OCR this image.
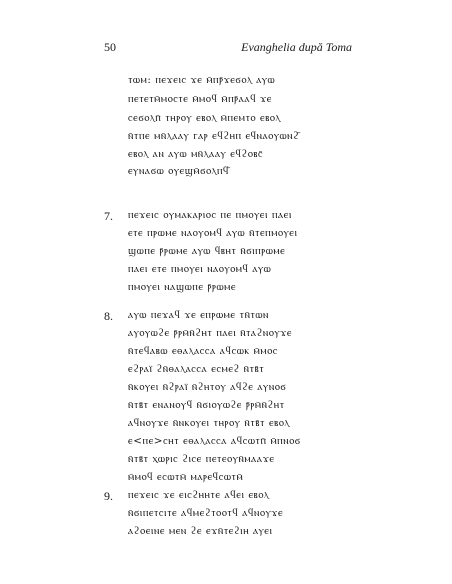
50	Evanghelia după Toma
ⲧⲱⲙ: ⲡⲉϫⲉⲓⲥ ϫⲉ ⲙ̄ⲡⲣ̄ϫⲉϭⲟⲗ ⲁⲩⲱ
ⲡⲉⲧⲉⲧⲙ̄ⲙⲟⲥⲧⲉ ⲙ̄ⲙⲟϥ ⲙ̄ⲡⲣ̄ⲁⲁϥ ϫⲉ
ⲥⲉϭⲟⲗⲡ̄ ⲧⲏⲣⲟⲩ ⲉⲃⲟⲗ ⲙ̄ⲡⲉⲙⲧⲟ ⲉⲃⲟⲗ
ⲛ̄ⲧⲡⲉ ⲙⲛ̄ⲗⲁⲁⲩ ⲅⲁⲣ ⲉϥϩⲏⲡ ⲉϥⲛⲁⲟⲩⲱⲛϩ̄
ⲉⲃⲟⲗ ⲁⲛ ⲁⲩⲱ ⲙⲛ̄ⲗⲁⲁⲩ ⲉϥϩⲟⲃⲥ̄
ⲉⲩⲛⲁϭⲱ ⲟⲩⲉϣⲙ̄ϭⲟⲗⲡϥ̄
7. ⲡⲉϫⲉⲓⲥ ⲟⲩⲙⲁⲕⲁⲣⲓⲟⲥ ⲡⲉ ⲡⲙⲟⲩⲉⲓ ⲡⲁⲉⲓ
ⲉⲧⲉ ⲡⲣⲱⲙⲉ ⲛⲁⲟⲩⲟⲙϥ ⲁⲩⲱ ⲛ̄ⲧⲉⲡⲙⲟⲩⲉⲓ
ϣⲱⲡⲉ ⲣ̄ⲣⲱⲙⲉ ⲁⲩⲱ ϥⲃⲏⲧ ⲛ̄ϭⲓⲡⲣⲱⲙⲉ
ⲡⲁⲉⲓ ⲉⲧⲉ ⲡⲙⲟⲩⲉⲓ ⲛⲁⲟⲩⲟⲙϥ ⲁⲩⲱ
ⲡⲙⲟⲩⲉⲓ ⲛⲁϣⲱⲡⲉ ⲣ̄ⲣⲱⲙⲉ
8. ⲁⲩⲱ ⲡⲉϫⲁϥ ϫⲉ ⲉⲡⲣⲱⲙⲉ ⲧⲛ̄ⲧⲱⲛ
ⲁⲩⲟⲩⲱϩⲉ ⲣ̄ⲣⲙ̄ⲛ̄ϩⲏⲧ ⲡⲁⲉⲓ ⲛ̄ⲧⲁϩⲛⲟⲩϫⲉ
ⲛ̄ⲧⲉϥⲁⲃⲱ ⲉⲑⲁⲗⲁⲥⲥⲁ ⲁϥⲥⲱⲕ ⲙ̄ⲙⲟⲥ
ⲉϩⲣⲁⲓ̈ ϩⲛ̄ⲑⲁⲗⲁⲥⲥⲁ ⲉⲥⲙⲉϩ ⲛ̄ⲧⲃ̄ⲧ
ⲛ̄ⲕⲟⲩⲉⲓ ⲛ̄ϩⲣⲁⲓ̈ ⲛ̄ϩⲏⲧⲟⲩ ⲁϥϩⲉ ⲁⲩⲛⲟϭ
ⲛ̄ⲧⲃ̄ⲧ ⲉⲛⲁⲛⲟⲩϥ ⲛ̄ϭⲓⲟⲩⲱϩⲉ ⲣ̄ⲣⲙ̄ⲛ̄ϩⲏⲧ
ⲁϥⲛⲟⲩϫⲉ ⲛ̄ⲛⲕⲟⲩⲉⲓ ⲧⲏⲣⲟⲩ ⲛ̄ⲧⲃ̄ⲧ ⲉⲃⲟⲗ
ⲉ<ⲡⲉ>ⲥⲏⲧ ⲉⲑⲁⲗⲁⲥⲥⲁ ⲁϥⲥⲱⲧⲡ̄ ⲙ̄ⲡⲛⲟϭ
ⲛ̄ⲧⲃ̄ⲧ ⲭⲱⲣⲓⲥ ϩⲓⲥⲉ ⲡⲉⲧⲉⲟⲩⲛ̄ⲙⲁⲁϫⲉ
ⲙ̄ⲙⲟϥ ⲉⲥⲱⲧⲙ̄ ⲙⲁⲣⲉϥⲥⲱⲧⲙ̄
9. ⲡⲉϫⲉⲓⲥ ϫⲉ ⲉⲓⲥϩⲏⲏⲧⲉ ⲁϥⲉⲓ ⲉⲃⲟⲗ
ⲛ̄ϭⲓⲡⲉⲧⲥⲓⲧⲉ ⲁϥⲙⲉϩⲧⲟⲟⲧϥ ⲁϥⲛⲟⲩϫⲉ
ⲁϩⲟⲉⲓⲛⲉ ⲙⲉⲛ ϩⲉ ⲉϫⲛ̄ⲧⲉϩⲓⲏ ⲁⲩⲉⲓ
